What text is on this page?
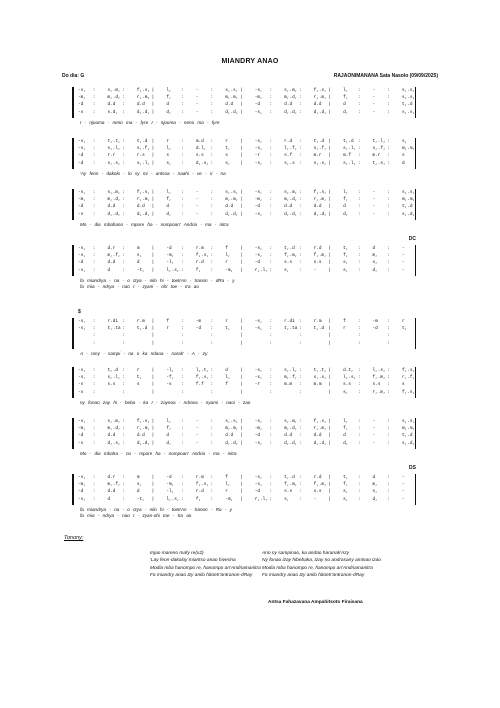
MIANDRY ANAO
Do dia: G	RAJAONIMANANA Sata Nasolo (09/09/2025)
-s, :	s,.m, :	f,.s, |	l, :	-	:	s,.s, |	-s, :	s,.m, :	f,.s, |	l, :	-	:	s,.s,
-m, :	m,.d, :	r,.m, |	f, :	-	:	m,.m, |	-m, :	m,.d, :	r,.m, |	f, :	-	:	s,.s,
-d :	d.d :	d.d |	d	:	-	:	d.d |	-d :	d.d :	d.d |	d	:	-	:	t,.d
-s :	s.d, :	d,.d, |	d, :	-	:	d,.d, |	-s, :	d,.d, :	d,.d, |	d, :	-	:	s,.s,
I - njooma - neno ma - fyre I - njooma - neno ma - fyre
-s, :	t,.t, :	t,.d |	r	:	m.d :	r	|	-s, :	r.d :	t,.d |	t,.d :	t,.l, :	s,
-s, :	s,.l, :	s,.f, |	l, :	d.l, :	t, |	-s, :	l,.f, :	s,.f, |	s,.l, :	s,.f, :	m,.m,
-d :	r.r :	r.s |	s	:	s.s :	s	|	-r :	s.f :	m.r |	m.f :	m.r :	s
-d :	s,.s, :	s,.l, |	s, :	d,.s, :	s, |	-s, :	s,.s :	s,.s, |	s,.l, :	t,.s, :	d
'Ay feon - dakolo - lo sy mi - antsoa - naahi - ve - ri - na
-s, :	s,.m, :	f,.s, |	l, :	-	:	s,.s, |	-s, :	s,.m, :	f,.s, |	l, :	-	:	s,.s,
-m, :	m,.d, :	r,.m, |	f, :	-	:	m,.m, |	-m, :	m,.d, :	r,.m, |	f, :	-	:	m,.m,
-d :	d.d :	d.d |	d	:	-	:	d.d |	-d :	d.d :	d.d |	d	:	-	:	t,.d
-s :	d,.d, :	d,.d, |	d, :	-	:	d,.d, |	-s, :	d,.d, :	d,.d, |	d, :	-	:	s,.d,
Mo - dia mbahano - mpore ha - nompoan' Andria - ma - nitra
DC
-s, :	d.r :	m	|	-d :	r.m :	f	|	-s, :	t,.d :	r.d |	t, :	d	:	-
-s, :	m,.f, :	s, |	-m, :	f,.s, :	l, |	-s, :	f,.m, :	f,.m, |	f, :	m, :	-
-d :	d.d :	d	|	-l, :	r.d :	r	|	-d :	s.s :	s.s |	s, :	s, :	-
-s, :	d	:	-t, |	l,.s, :	f, :	-m, |	r,.l, :	s, :	-	|	s, :	d, :	-
fa miandrya - na - o Izya - nilo hi - toetrAn - tranon - dRa - y
fa mia - ndrya - nao I - zyani - ohi toe - tra ao
$
-s, :	r.di :	r.m |	f	:	-m :	r	|	-s, :	r.di :	r.m |	f	:	-m :	r
-s, :	t,.ta :	t,.d |	r	:	-d :	t, |	-s, :	t,.ta :	t,.d |	r	:	-d :	t,
:	:	|	:	:	|	:	:	|	:	:
:	:	|	:	:	|	:	:	|	:	:
A - rony - sampi - na o ka ndaoa - narak' - A - zy
-s, :	t,.d :	r	|	-l, :	l,.t, :	d	|	-s, :	s,.l, :	t,.t, |	d.t, :	l,.s, :	f,.s,
-s, :	s,.l, :	t, |	-f, :	f,.s, :	l, |	-s, :	m,.f, :	s,.s, |	l,.s, :	f,.m, :	r,.f,
-s :	s.s :	s	|	-s :	f.f :	f	|	-r :	m.m :	m.m |	s.s :	s.s :	s
-s :	:	|	:	:	|	:	:	|	s, :	r,.m, :	f,.s,
ny fonao zay hi - beba - ka I - zaynoa - ndrasa - nyami - naoi - zao
-s, :	s,.m, :	f,.s, |	l, :	-	:	s,.s, |	-s, :	s,.m, :	f,.s, |	l, :	-	:	s,.s,
-m, :	m,.d, :	r,.m, |	f, :	-	:	m,.m, |	-m, :	m,.d, :	r,.m, |	f, :	-	:	m,.m,
-d :	d.d :	d.d |	d	:	-	:	d.d |	-d :	d.d :	d.d |	d	:	-	:	t,.d
-s :	d,.s, :	d,.d, |	d, :	-	:	d,.d, |	-s, :	d,.d, :	d,.d, |	d, :	-	:	s,.d,
Mo - dia mbaha - no - mpore ha - nompoan' Andria - ma - nitra
DS
-s, :	d.r :	m	|	-d :	r.m :	f	|	-s, :	t,.d :	r.d |	t, :	d	:	-
-m, :	m,.f, :	s, |	-m, :	f,.s, :	l, |	-s, :	f,.m, :	f,.m, |	f, :	m, :	-
-d :	d.d :	d	|	-l, :	r.d :	r	|	-d :	s.s :	s.s |	s, :	s, :	-
-s, :	d	:	-t, |	l,.s, :	f, :	-m, |	r,.l, :	s, :	-	|	s, :	d, :	-
fa miandrya - na - o Izya - nilo hi - toetrAn - tranon - Ra - y
fa mia - ndrya - nao I - zyan-ohi toe - tra ao
Tonony:
Injao mareno mafy re(x2)
'Lay feon-dakoloy miantso anao hiverina
Modia mba hanompo re, hanompo an'Andriamanitra
Fa miandry anao Izy anilo hitoetr'antranon-dRay
Ario ny sampinao, ka andao haranak'Azy
Ny fonao izay hibebaka, Izay no andrasany aminao izao
Modia mba hanompo re, hanompo an'Andriamanitra
Fa miandry anao Izy anilo hitoetr'antranon-dRay
Antsa Fahazavana Ampahitsoto Firaisana
